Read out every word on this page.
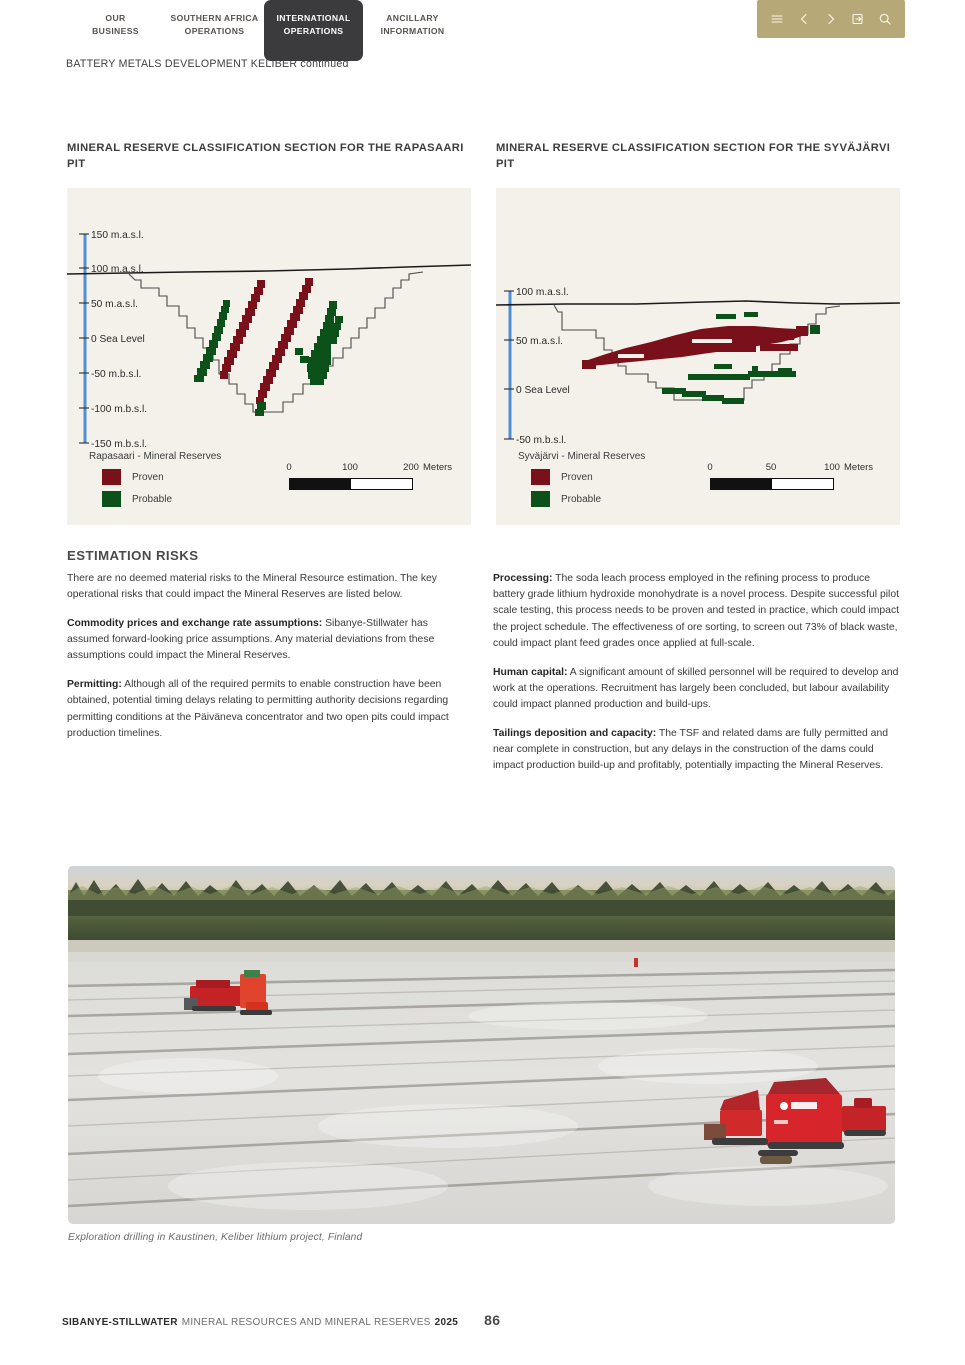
OUR
BUSINESS
SOUTHERN AFRICA
OPERATIONS
INTERNATIONAL
OPERATIONS
ANCILLARY
INFORMATION
BATTERY METALS DEVELOPMENT KELIBER continued
MINERAL RESERVE CLASSIFICATION SECTION FOR THE RAPASAARI PIT
150 m.a.s.l.
100 m.a.s.l.
50 m.a.s.l.
0 Sea Level
-50 m.b.s.l.
-100 m.b.s.l.
-150 m.b.s.l.
Rapasaari - Mineral Reserves
Proven
Probable
0	100	200 Meters
MINERAL RESERVE CLASSIFICATION SECTION FOR THE SYVÄJÄRVI PIT
100 m.a.s.l.
50 m.a.s.l.
0 Sea Level
-50 m.b.s.l.
Syväjärvi - Mineral Reserves
Proven
Probable
0	50	100 Meters
ESTIMATION RISKS

There are no deemed material risks to the Mineral Resource estimation. The key operational risks that could impact the Mineral Reserves are listed below.

Commodity prices and exchange rate assumptions: Sibanye-Stillwater has assumed forward-looking price assumptions. Any material deviations from these assumptions could impact the Mineral Reserves.

Permitting: Although all of the required permits to enable construction have been obtained, potential timing delays relating to permitting authority decisions regarding permitting conditions at the Päiväneva concentrator and two open pits could impact production timelines.

Processing: The soda leach process employed in the refining process to produce battery grade lithium hydroxide monohydrate is a novel process. Despite successful pilot scale testing, this process needs to be proven and tested in practice, which could impact the project schedule. The effectiveness of ore sorting, to screen out 73% of black waste, could impact plant feed grades once applied at full-scale.

Human capital: A significant amount of skilled personnel will be required to develop and work at the operations. Recruitment has largely been concluded, but labour availability could impact planned production and build-ups.

Tailings deposition and capacity: The TSF and related dams are fully permitted and near complete in construction, but any delays in the construction of the dams could impact production build-up and profitably, potentially impacting the Mineral Reserves.

Exploration drilling in Kaustinen, Keliber lithium project, Finland
SIBANYE-STILLWATER MINERAL RESOURCES AND MINERAL RESERVES 2025 86
